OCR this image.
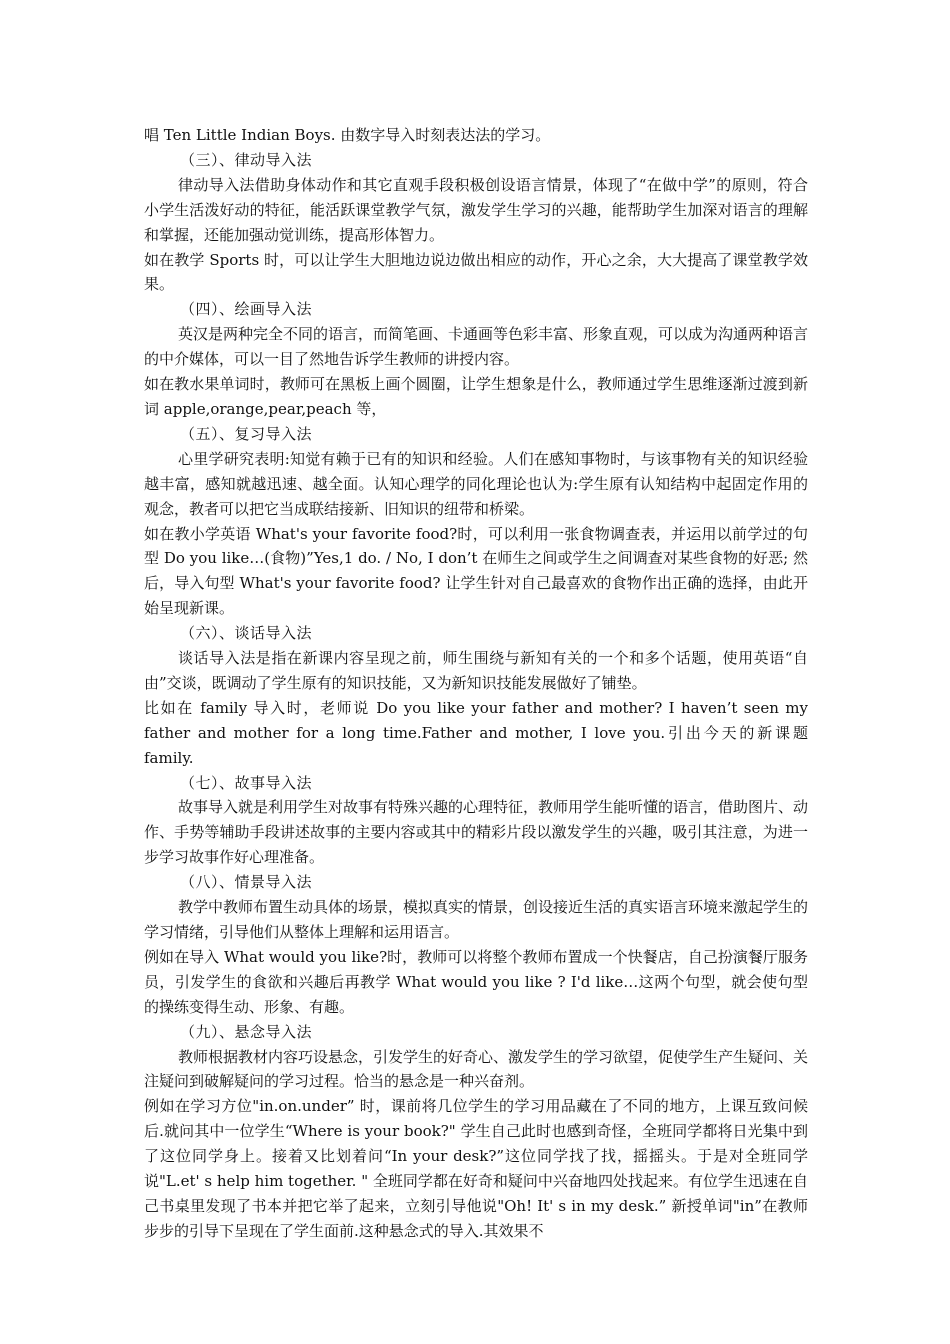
唱 Ten Little Indian Boys. 由数字导入时刻表达法的学习。

（三）、律动导入法

律动导入法借助身体动作和其它直观手段积极创设语言情景，体现了“在做中学”的原则，符合小学生活泼好动的特征，能活跃课堂教学气氛，激发学生学习的兴趣，能帮助学生加深对语言的理解和掌握，还能加强动觉训练，提高形体智力。

如在教学 Sports 时，可以让学生大胆地边说边做出相应的动作，开心之余，大大提高了课堂教学效果。

（四）、绘画导入法

英汉是两种完全不同的语言，而简笔画、卡通画等色彩丰富、形象直观，可以成为沟通两种语言的中介媒体，可以一目了然地告诉学生教师的讲授内容。

如在教水果单词时，教师可在黑板上画个圆圈，让学生想象是什么，教师通过学生思维逐渐过渡到新词 apple,orange,pear,peach 等，

（五）、复习导入法

心里学研究表明:知觉有赖于已有的知识和经验。人们在感知事物时，与该事物有关的知识经验越丰富，感知就越迅速、越全面。认知心理学的同化理论也认为:学生原有认知结构中起固定作用的观念，教者可以把它当成联结接新、旧知识的纽带和桥梁。

如在教小学英语 What's your favorite food?时，可以利用一张食物调查表，并运用以前学过的句型 Do you like…(食物)”Yes,1 do. / No, I don’t 在师生之间或学生之间调查对某些食物的好恶; 然后，导入句型 What's your favorite food? 让学生针对自己最喜欢的食物作出正确的选择，由此开始呈现新课。

（六）、谈话导入法

谈话导入法是指在新课内容呈现之前，师生围绕与新知有关的一个和多个话题，使用英语“自由”交谈，既调动了学生原有的知识技能，又为新知识技能发展做好了铺垫。

比如在 family 导入时，老师说 Do you like your father and mother? I haven’t seen my father and mother for a long time.Father and mother, I love you.引出今天的新课题 family.

（七）、故事导入法

故事导入就是利用学生对故事有特殊兴趣的心理特征，教师用学生能听懂的语言，借助图片、动作、手势等辅助手段讲述故事的主要内容或其中的精彩片段以激发学生的兴趣，吸引其注意，为进一步学习故事作好心理准备。

（八）、情景导入法

教学中教师布置生动具体的场景，模拟真实的情景，创设接近生活的真实语言环境来激起学生的学习情绪，引导他们从整体上理解和运用语言。

例如在导入 What would you like?时，教师可以将整个教师布置成一个快餐店，自己扮演餐厅服务员，引发学生的食欲和兴趣后再教学 What would you like ? I'd like…这两个句型，就会使句型的操练变得生动、形象、有趣。

（九）、悬念导入法

教师根据教材内容巧设悬念，引发学生的好奇心、激发学生的学习欲望，促使学生产生疑问、关注疑问到破解疑问的学习过程。恰当的悬念是一种兴奋剂。

例如在学习方位"in.on.under” 时，课前将几位学生的学习用品藏在了不同的地方，上课互致问候后.就问其中一位学生“Where is your book?" 学生自己此时也感到奇怪，全班同学都将日光集中到了这位同学身上。接着又比划着问“In your desk?”这位同学找了找，摇摇头。于是对全班同学说"L.et' s help him together. " 全班同学都在好奇和疑问中兴奋地四处找起来。有位学生迅速在自己书桌里发现了书本并把它举了起来，立刻引导他说"Oh! It' s in my desk.” 新授单词"in”在教师步步的引导下呈现在了学生面前.这种悬念式的导入.其效果不
